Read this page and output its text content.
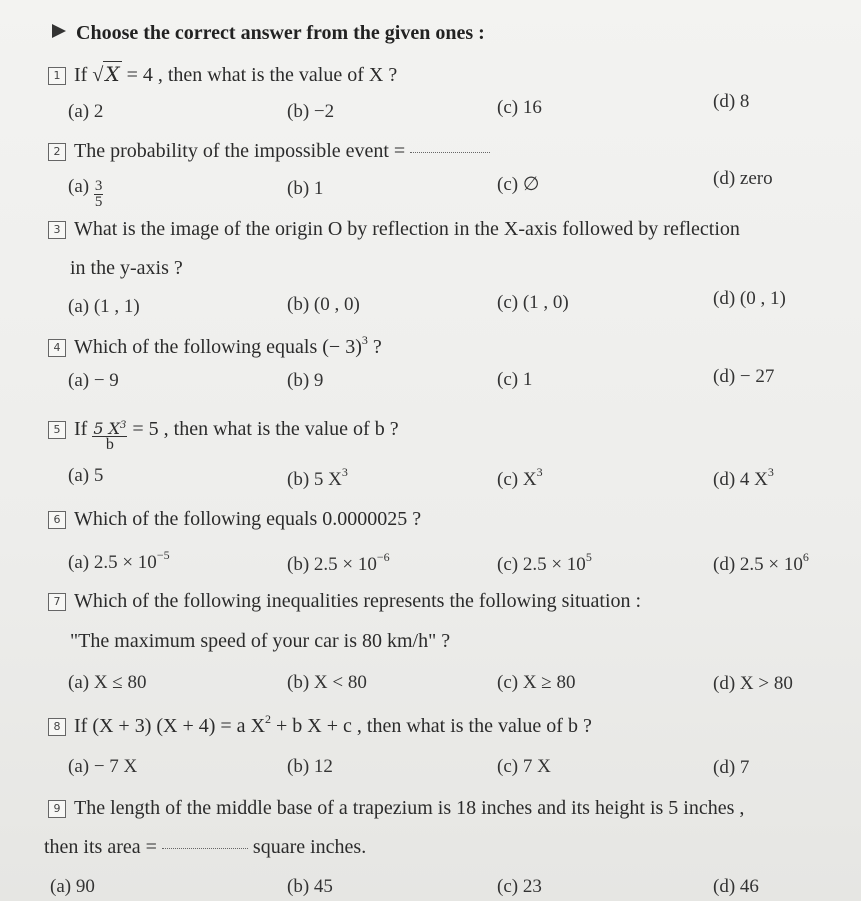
Choose the correct answer from the given ones :
1 If √ X = 4 , then what is the value of X ?
(a) 2	(b) −2	(c) 16	(d) 8
2 The probability of the impossible event =
$(a) \frac{3}{5}$	(b) 1	(c) ∅	(d) zero
3 What is the image of the origin O by reflection in the X-axis followed by reflection
in the y-axis ?
(a) (1 , 1)	(b) (0 , 0)	(c) (1 , 0)	(d) (0 , 1)
4 Which of the following equals (− 3)$^3$ ?
(a) − 9	(b) 9	(c) 1	(d) − 27
5 If $\frac{5 X^3}{b} = 5$ , then what is the value of b ?
(a) 5	(b) 5 $X^3$	(c) $X^3$	(d) 4 $X^3$
6 Which of the following equals 0.0000025 ?
(a) $2.5 \times 10^{-5}$	(b) $2.5 \times 10^{-6}$	(c) $2.5 \times 10^5$	(d) $2.5 \times 10^6$
7 Which of the following inequalities represents the following situation :
"The maximum speed of your car is 80 km/h" ?
(a) X ≤ 80	(b) X < 80	(c) X ≥ 80	(d) X > 80
8 If (X + 3) (X + 4) = a $X^2 + b$ X + c , then what is the value of b ?
(a) − 7 X	(b) 12	(c) 7 X	(d) 7
9 The length of the middle base of a trapezium is 18 inches and its height is 5 inches ,
then its area =	square inches.
(a) 90	(b) 45	(c) 23	(d) 46
